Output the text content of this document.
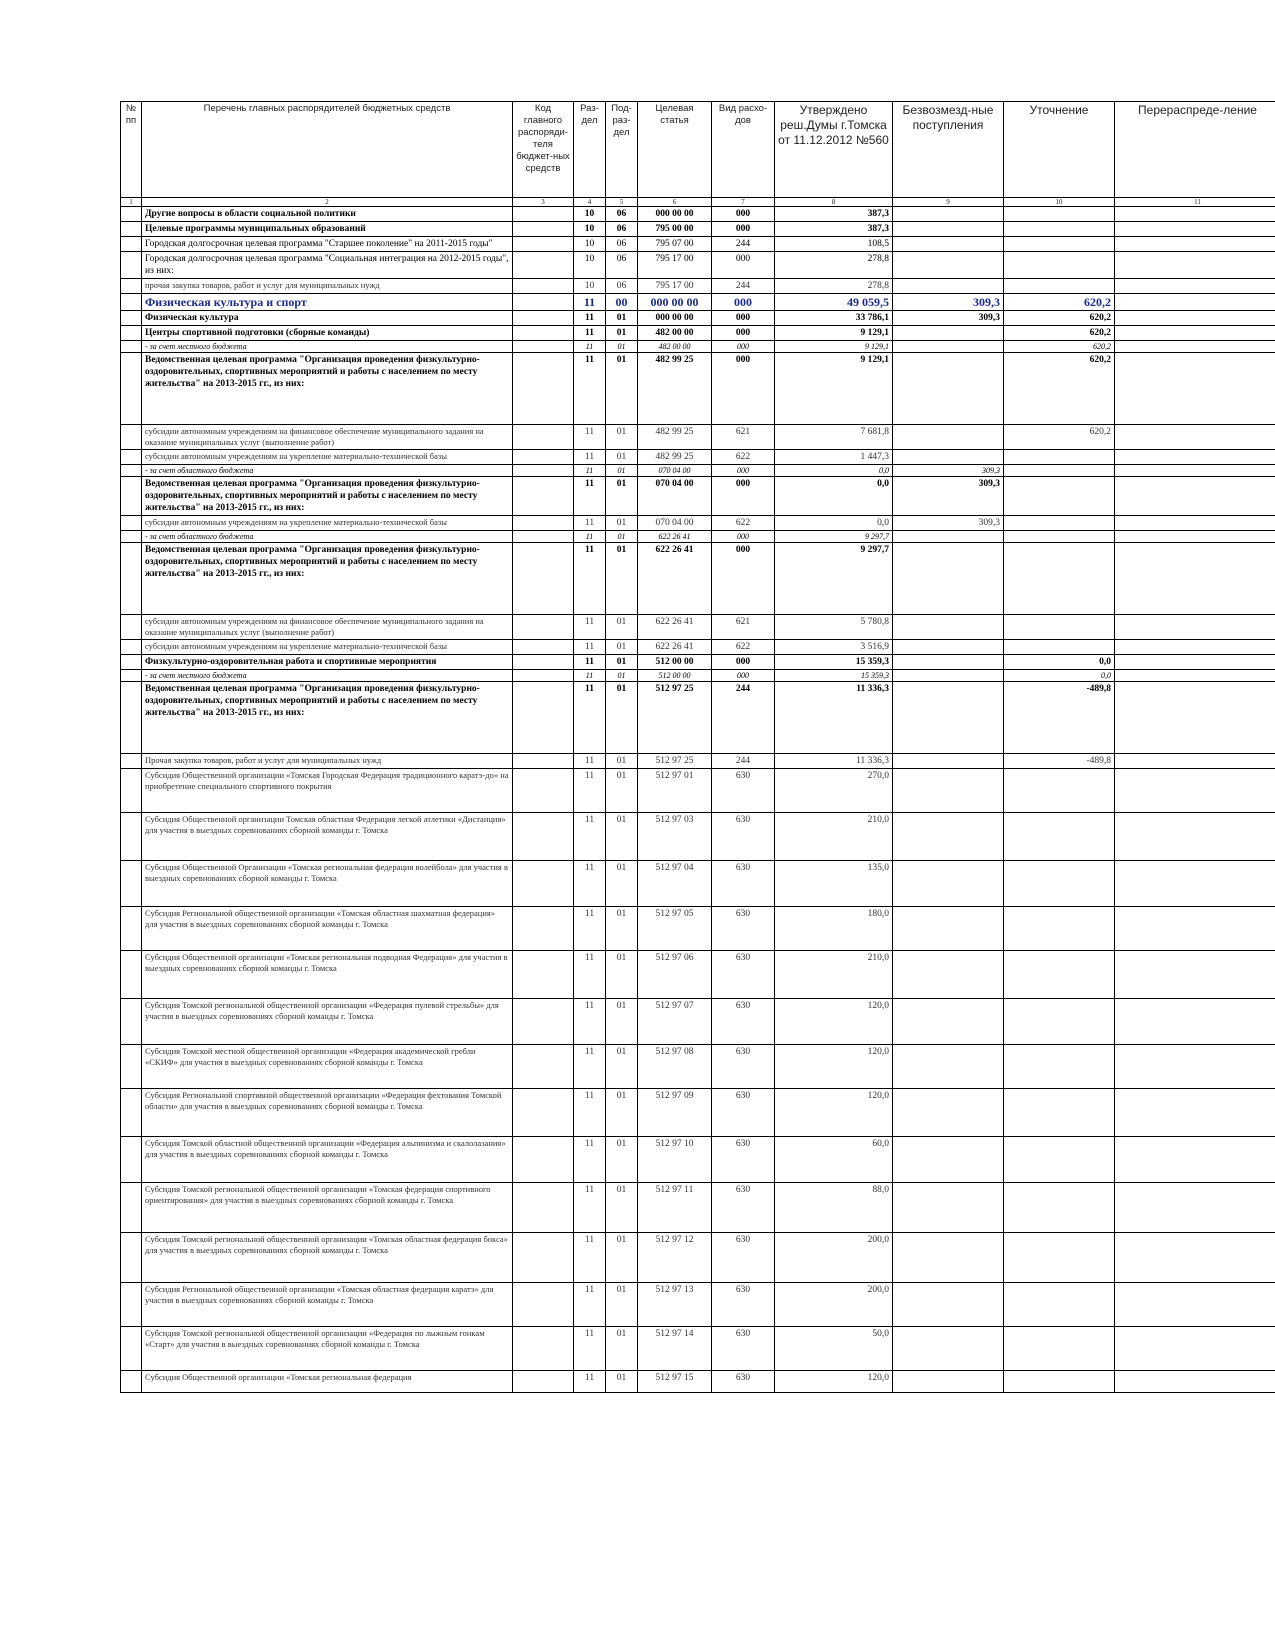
№ пп	Перечень главных распорядителей бюджетных средств	Код главного распоряди-теля бюджет-ных средств	Раз-дел	Под-раз-дел	Целевая статья	Вид расхо-дов	Утверждено реш.Думы г.Томска от 11.12.2012 №560	Безвозмезд-ные поступления	Уточнение	Перераспреде-ление
1	2	3	4	5	6	7	8	9	10	11
	Другие вопросы в области социальной политики		10	06	000 00 00	000	387,3			
	Целевые программы муниципальных образований		10	06	795 00 00	000	387,3			
	Городская долгосрочная целевая программа "Старшее поколение" на 2011-2015 годы"		10	06	795 07 00	244	108,5			
	Городская долгосрочная целевая программа "Социальная интеграция на 2012-2015 годы", из них:		10	06	795 17 00	000	278,8			
	прочая закупка товаров, работ и услуг для муниципальных нужд		10	06	795 17 00	244	278,8			
	Физическая культура и спорт		11	00	000 00 00	000	49 059,5	309,3	620,2	
	Физическая культура		11	01	000 00 00	000	33 786,1	309,3	620,2	
	Центры спортивной подготовки (сборные команды)		11	01	482 00 00	000	9 129,1		620,2	
	- за счет местного бюджета		11	01	482 00 00	000	9 129,1		620,2	
	Ведомственная целевая программа "Организация проведения физкультурно-оздоровительных, спортивных мероприятий и работы с населением по месту жительства" на 2013-2015 гг., из них:		11	01	482 99 25	000	9 129,1		620,2	
	субсидии автономным учреждениям на финансовое обеспечение муниципального задания на оказание муниципальных услуг (выполнение работ)		11	01	482 99 25	621	7 681,8		620,2	
	субсидии автономным учреждениям на укрепление материально-технической базы		11	01	482 99 25	622	1 447,3			
	- за счет областного бюджета		11	01	070 04 00	000	0,0	309,3		
	Ведомственная целевая программа "Организация проведения физкультурно-оздоровительных, спортивных мероприятий и работы с населением по месту жительства" на 2013-2015 гг., из них:		11	01	070 04 00	000	0,0	309,3		
	субсидии автономным учреждениям на укрепление материально-технической базы		11	01	070 04 00	622	0,0	309,3		
	- за счет областного бюджета		11	01	622 26 41	000	9 297,7			
	Ведомственная целевая программа "Организация проведения физкультурно-оздоровительных, спортивных мероприятий и работы с населением по месту жительства" на 2013-2015 гг., из них:		11	01	622 26 41	000	9 297,7			
	субсидии автономным учреждениям на финансовое обеспечение муниципального задания на оказание муниципальных услуг (выполнение работ)		11	01	622 26 41	621	5 780,8			
	субсидии автономным учреждениям на укрепление материально-технической базы		11	01	622 26 41	622	3 516,9			
	Физкультурно-оздоровительная работа и спортивные мероприятия		11	01	512 00 00	000	15 359,3		0,0	
	- за счет местного бюджета		11	01	512 00 00	000	15 359,3		0,0	
	Ведомственная целевая программа "Организация проведения физкультурно-оздоровительных, спортивных мероприятий и работы с населением по месту жительства" на 2013-2015 гг., из них:		11	01	512 97 25	244	11 336,3		-489,8	
	Прочая закупка товаров, работ и услуг для муниципальных нужд		11	01	512 97 25	244	11 336,3		-489,8	
	Субсидия Общественной организации «Томская Городская Федерация традиционного каратэ-до» на приобретение специального спортивного покрытия		11	01	512 97 01	630	270,0			
	Субсидия Общественной организации Томская областная Федерация легкой атлетики «Дистанция» для участия в выездных соревнованиях сборной команды г. Томска		11	01	512 97 03	630	210,0			
	Субсидия Общественной Организации «Томская региональная федерация волейбола» для участия в выездных соревнованиях сборной команды г. Томска		11	01	512 97 04	630	135,0			
	Субсидия Региональной общественной организации «Томская областная шахматная федерация» для участия в выездных соревнованиях сборной команды г. Томска		11	01	512 97 05	630	180,0			
	Субсидия Общественной организации «Томская региональная подводная Федерация» для участия в выездных соревнованиях сборной команды г. Томска		11	01	512 97 06	630	210,0			
	Субсидия Томской региональной общественной организации «Федерация пулевой стрельбы» для участия в выездных соревнованиях сборной команды г. Томска		11	01	512 97 07	630	120,0			
	Субсидия Томской местной общественной организации «Федерация академической гребли «СКИФ» для участия в выездных соревнованиях сборной команды г. Томска		11	01	512 97 08	630	120,0			
	Субсидия Региональной спортивной общественной организации «Федерация фехтования Томской области» для участия в выездных соревнованиях сборной команды г. Томска		11	01	512 97 09	630	120,0			
	Субсидия Томской областной общественной организации «Федерация альпинизма и скалолазания» для участия в выездных соревнованиях сборной команды г. Томска		11	01	512 97 10	630	60,0			
	Субсидия Томской региональной общественной организации «Томская федерация спортивного ориентирования» для участия в выездных соревнованиях сборной команды г. Томска		11	01	512 97 11	630	88,0			
	Субсидия Томской региональной общественной организации «Томская областная федерация бокса» для участия в выездных соревнованиях сборной команды г. Томска		11	01	512 97 12	630	200,0			
	Субсидия Региональной общественной организации «Томская областная федерация каратэ» для участия в выездных соревнованиях сборной команды г. Томска		11	01	512 97 13	630	200,0			
	Субсидия Томской региональной общественной организации «Федерация по лыжным гонкам «Старт» для участия в выездных соревнованиях сборной команды г. Томска		11	01	512 97 14	630	50,0			
	Субсидия Общественной организации «Томская региональная федерация		11	01	512 97 15	630	120,0			
